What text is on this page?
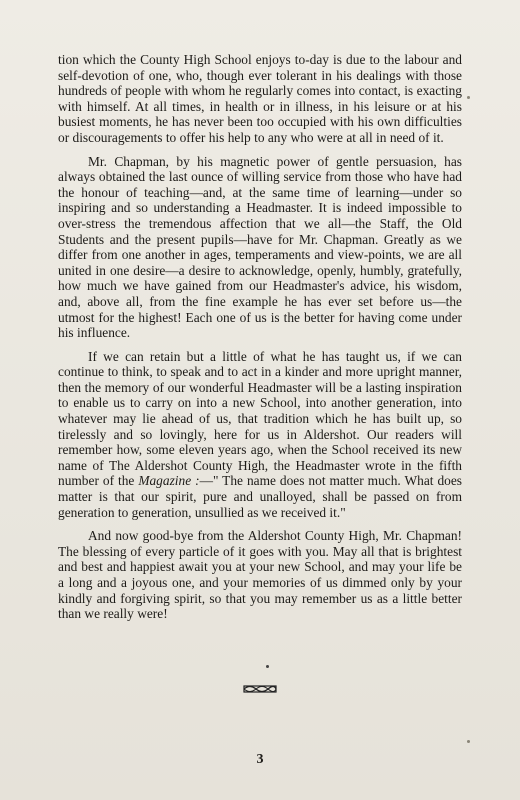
tion which the County High School enjoys to-day is due to the labour and self-devotion of one, who, though ever tolerant in his dealings with those hundreds of people with whom he regularly comes into contact, is exacting with himself. At all times, in health or in illness, in his leisure or at his busiest moments, he has never been too occupied with his own difficulties or discouragements to offer his help to any who were at all in need of it.

Mr. Chapman, by his magnetic power of gentle persuasion, has always obtained the last ounce of willing service from those who have had the honour of teaching—and, at the same time of learning—under so inspiring and so understanding a Headmaster. It is indeed impossible to over-stress the tremendous affection that we all—the Staff, the Old Students and the present pupils—have for Mr. Chapman. Greatly as we differ from one another in ages, temperaments and view-points, we are all united in one desire—a desire to acknowledge, openly, humbly, gratefully, how much we have gained from our Headmaster's advice, his wisdom, and, above all, from the fine example he has ever set before us—the utmost for the highest! Each one of us is the better for having come under his influence.

If we can retain but a little of what he has taught us, if we can continue to think, to speak and to act in a kinder and more upright manner, then the memory of our wonderful Headmaster will be a lasting inspiration to enable us to carry on into a new School, into another generation, into whatever may lie ahead of us, that tradition which he has built up, so tirelessly and so lovingly, here for us in Aldershot. Our readers will remember how, some eleven years ago, when the School received its new name of The Aldershot County High, the Headmaster wrote in the fifth number of the Magazine :—" The name does not matter much. What does matter is that our spirit, pure and unalloyed, shall be passed on from generation to generation, unsullied as we received it."

And now good-bye from the Aldershot County High, Mr. Chapman! The blessing of every particle of it goes with you. May all that is brightest and best and happiest await you at your new School, and may your life be a long and a joyous one, and your memories of us dimmed only by your kindly and forgiving spirit, so that you may remember us as a little better than we really were!

3
